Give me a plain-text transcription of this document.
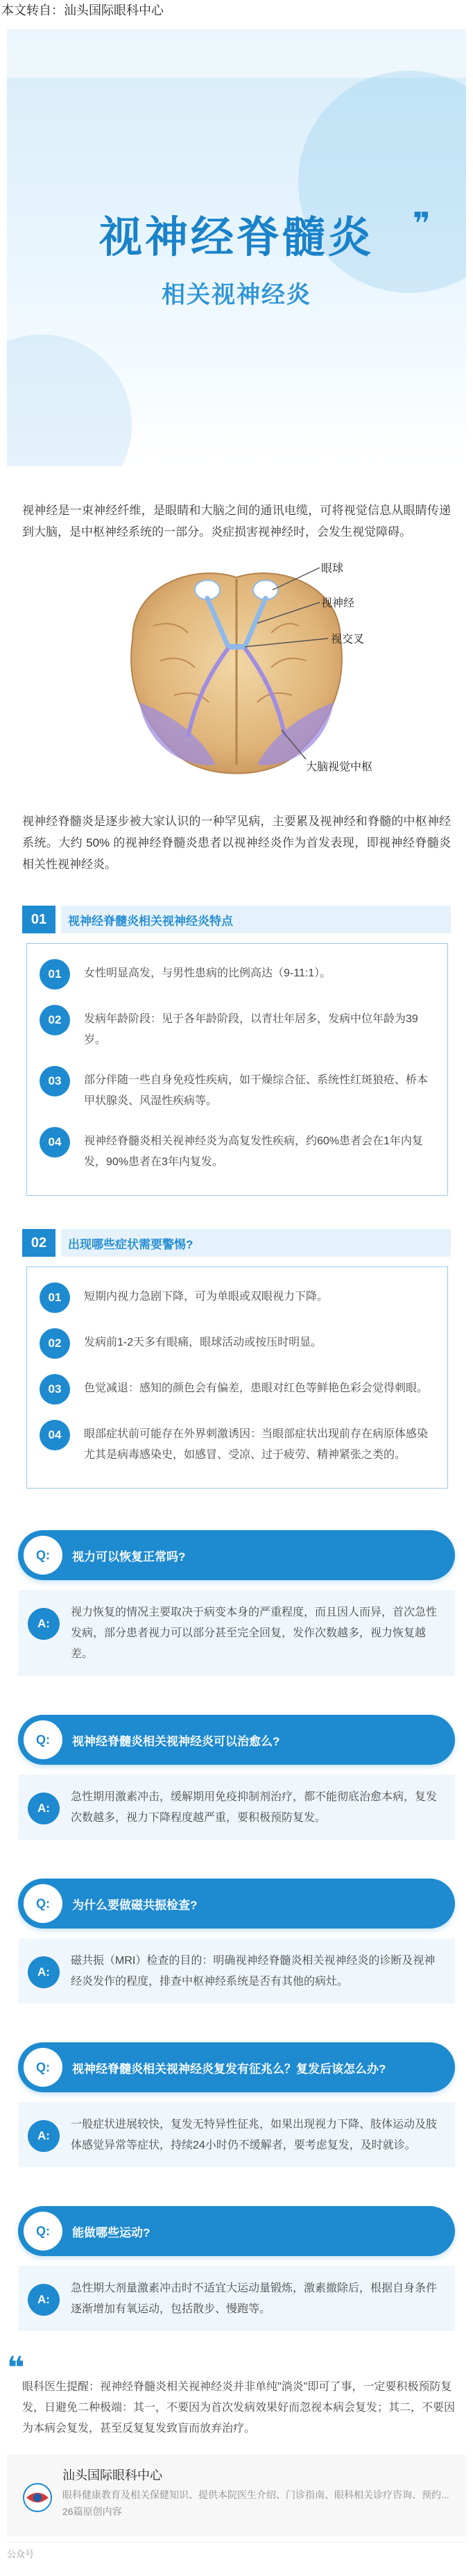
本文转自：汕头国际眼科中心
视神经脊髓炎	❞
相关视神经炎

视神经是一束神经纤维，是眼睛和大脑之间的通讯电缆，可将视觉信息从眼睛传递到大脑，是中枢神经系统的一部分。炎症损害视神经时，会发生视觉障碍。

眼球
视神经
视交叉
大脑视觉中枢

视神经脊髓炎是逐步被大家认识的一种罕见病，主要累及视神经和脊髓的中枢神经系统。大约 50% 的视神经脊髓炎患者以视神经炎作为首发表现，即视神经脊髓炎相关性视神经炎。

01	视神经脊髓炎相关视神经炎特点
01	女性明显高发，与男性患病的比例高达（9-11:1）。
02	发病年龄阶段：见于各年龄阶段，以青壮年居多，发病中位年龄为39岁。
03	部分伴随一些自身免疫性疾病，如干燥综合征、系统性红斑狼疮、桥本甲状腺炎、风湿性疾病等。
04	视神经脊髓炎相关视神经炎为高复发性疾病，约60%患者会在1年内复发，90%患者在3年内复发。
02	出现哪些症状需要警惕?
01	短期内视力急剧下降，可为单眼或双眼视力下降。
02	发病前1-2天多有眼痛，眼球活动或按压时明显。
03	色觉减退：感知的颜色会有偏差，患眼对红色等鲜艳色彩会觉得刺眼。
04	眼部症状前可能存在外界刺激诱因：当眼部症状出现前存在病原体感染尤其是病毒感染史，如感冒、受凉、过于疲劳、精神紧张之类的。
Q:	视力可以恢复正常吗?
A:
视力恢复的情况主要取决于病变本身的严重程度，而且因人而异，首次急性发病，部分患者视力可以部分甚至完全回复，发作次数越多，视力恢复越差。
Q:	视神经脊髓炎相关视神经炎可以治愈么?
A:
急性期用激素冲击，缓解期用免疫抑制剂治疗，都不能彻底治愈本病，复发次数越多，视力下降程度越严重，要积极预防复发。
Q:	为什么要做磁共振检查?
A:
磁共振（MRI）检查的目的：明确视神经脊髓炎相关视神经炎的诊断及视神经炎发作的程度，排查中枢神经系统是否有其他的病灶。
Q:	视神经脊髓炎相关视神经炎复发有征兆么？复发后该怎么办?
A:
一般症状进展较快，复发无特异性征兆，如果出现视力下降、肢体运动及肢体感觉异常等症状，持续24小时仍不缓解者，要考虑复发，及时就诊。
Q:	能做哪些运动?
A:
急性期大剂量激素冲击时不适宜大运动量锻炼，激素撤除后，根据自身条件逐渐增加有氧运动，包括散步、慢跑等。
❝
眼科医生提醒：视神经脊髓炎相关视神经炎并非单纯"淌炎"即可了事，一定要积极预防复发，日避免二种极端：其一，不要因为首次发病效果好而忽视本病会复发；其二，不要因为本病会复发，甚至反复复发致盲而放弃治疗。
汕头国际眼科中心
眼科健康教育及相关保健知识、提供本院医生介绍、门诊指南、眼科相关诊疗咨询、预约...
26篇原创内容
公众号
